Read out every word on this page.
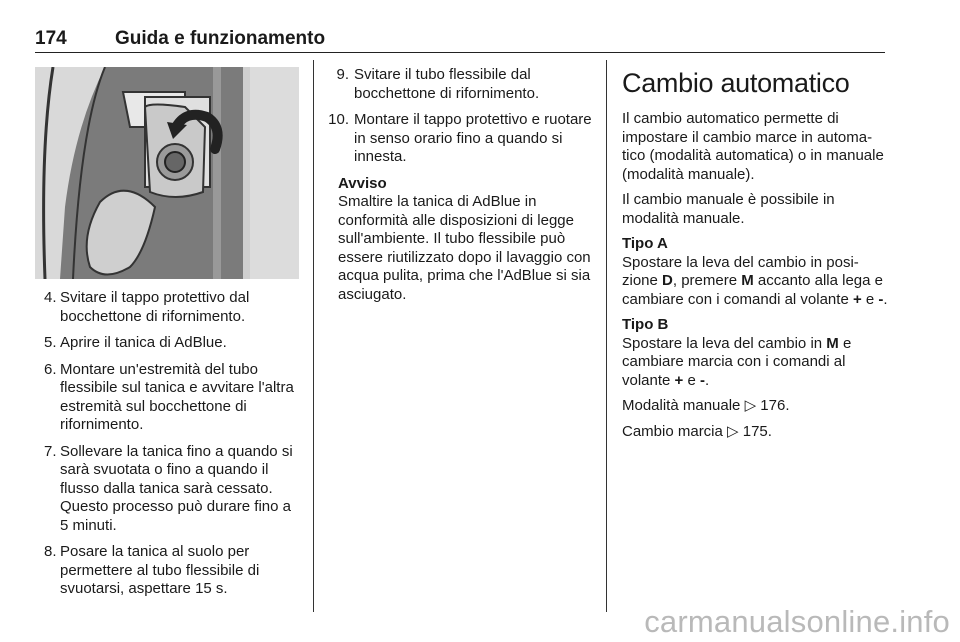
174	Guida e funzionamento
4. Svitare il tappo protettivo dal bocchettone di rifornimento.
5. Aprire il tanica di AdBlue.
6. Montare un'estremità del tubo flessibile sul tanica e avvitare l'altra estremità sul bocchettone di rifornimento.
7. Sollevare la tanica fino a quando si sarà svuotata o fino a quando il flusso dalla tanica sarà cessato. Questo processo può durare fino a 5 minuti.
8. Posare la tanica al suolo per permettere al tubo flessibile di svuotarsi, aspettare 15 s.
9. Svitare il tubo flessibile dal bocchettone di rifornimento.
10. Montare il tappo protettivo e ruotare in senso orario fino a quando si innesta.
Avviso
Smaltire la tanica di AdBlue in conformità alle disposizioni di legge sull'ambiente. Il tubo flessibile può essere riutilizzato dopo il lavaggio con acqua pulita, prima che l'AdBlue si sia asciugato.
Cambio automatico

Il cambio automatico permette di impostare il cambio marce in automatico (modalità automatica) o in manuale (modalità manuale).

Il cambio manuale è possibile in modalità manuale.

Tipo A

Spostare la leva del cambio in posizione D, premere M accanto alla lega e cambiare con i comandi al volante + e -.

Tipo B

Spostare la leva del cambio in M e cambiare marcia con i comandi al volante + e -.

Modalità manuale ▷ 176.

Cambio marcia ▷ 175.

carmanualsonline.info
